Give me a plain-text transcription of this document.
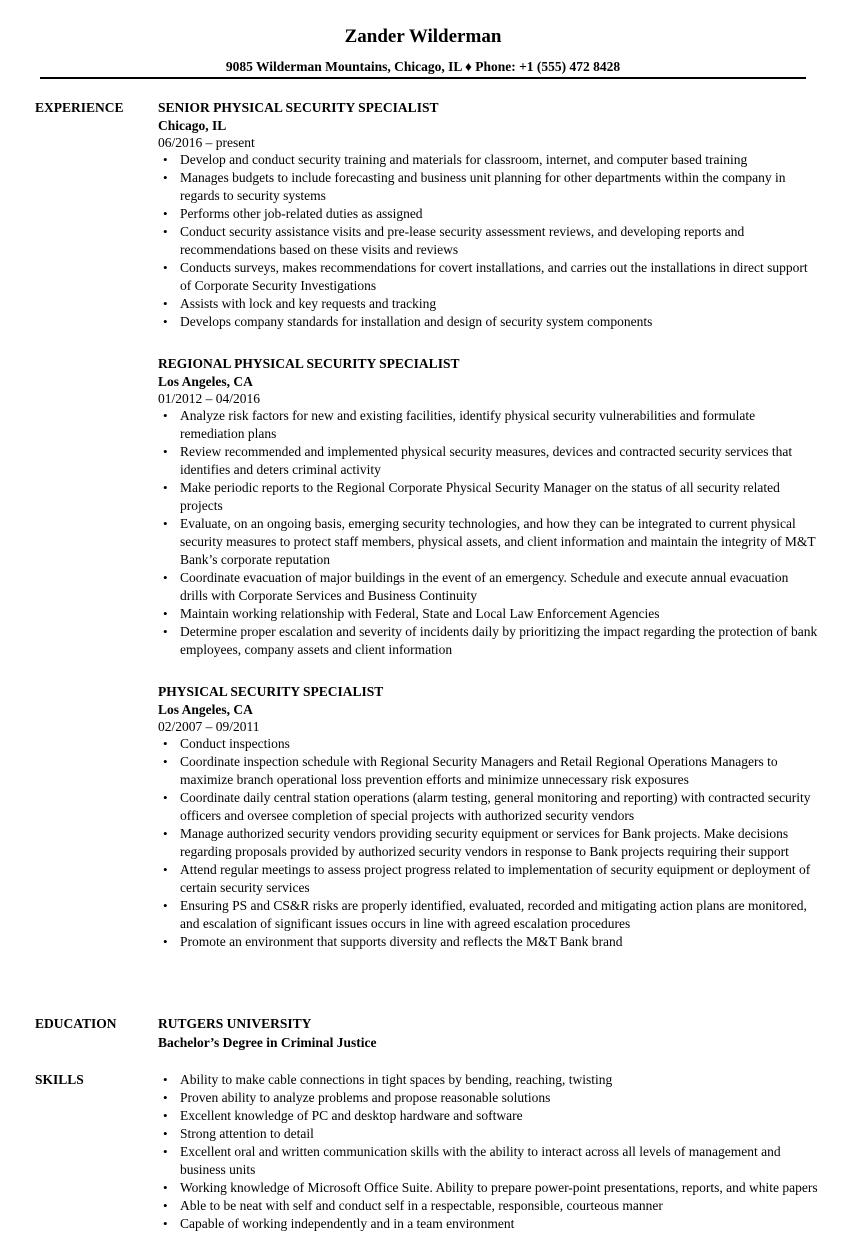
Zander Wilderman
9085 Wilderman Mountains, Chicago, IL ♦ Phone: +1 (555) 472 8428
EXPERIENCE	SENIOR PHYSICAL SECURITY SPECIALIST
Chicago, IL
06/2016 – present
• Develop and conduct security training and materials for classroom, internet, and computer based training
• Manages budgets to include forecasting and business unit planning for other departments within the company in regards to security systems
• Performs other job-related duties as assigned
• Conduct security assistance visits and pre-lease security assessment reviews, and developing reports and recommendations based on these visits and reviews
• Conducts surveys, makes recommendations for covert installations, and carries out the installations in direct support of Corporate Security Investigations
• Assists with lock and key requests and tracking
• Develops company standards for installation and design of security system components
REGIONAL PHYSICAL SECURITY SPECIALIST
Los Angeles, CA
01/2012 – 04/2016
• Analyze risk factors for new and existing facilities, identify physical security vulnerabilities and formulate remediation plans
• Review recommended and implemented physical security measures, devices and contracted security services that identifies and deters criminal activity
• Make periodic reports to the Regional Corporate Physical Security Manager on the status of all security related projects
• Evaluate, on an ongoing basis, emerging security technologies, and how they can be integrated to current physical security measures to protect staff members, physical assets, and client information and maintain the integrity of M&T Bank’s corporate reputation
• Coordinate evacuation of major buildings in the event of an emergency. Schedule and execute annual evacuation drills with Corporate Services and Business Continuity
• Maintain working relationship with Federal, State and Local Law Enforcement Agencies
• Determine proper escalation and severity of incidents daily by prioritizing the impact regarding the protection of bank employees, company assets and client information
PHYSICAL SECURITY SPECIALIST
Los Angeles, CA
02/2007 – 09/2011
• Conduct inspections
• Coordinate inspection schedule with Regional Security Managers and Retail Regional Operations Managers to maximize branch operational loss prevention efforts and minimize unnecessary risk exposures
• Coordinate daily central station operations (alarm testing, general monitoring and reporting) with contracted security officers and oversee completion of special projects with authorized security vendors
• Manage authorized security vendors providing security equipment or services for Bank projects. Make decisions regarding proposals provided by authorized security vendors in response to Bank projects requiring their support
• Attend regular meetings to assess project progress related to implementation of security equipment or deployment of certain security services
• Ensuring PS and CS&R risks are properly identified, evaluated, recorded and mitigating action plans are monitored, and escalation of significant issues occurs in line with agreed escalation procedures
• Promote an environment that supports diversity and reflects the M&T Bank brand
EDUCATION	RUTGERS UNIVERSITY
Bachelor’s Degree in Criminal Justice
SKILLS
•	Ability to make cable connections in tight spaces by bending, reaching, twisting
• Proven ability to analyze problems and propose reasonable solutions
• Excellent knowledge of PC and desktop hardware and software
• Strong attention to detail
• Excellent oral and written communication skills with the ability to interact across all levels of management and business units
• Working knowledge of Microsoft Office Suite. Ability to prepare power-point presentations, reports, and white papers
• Able to be neat with self and conduct self in a respectable, responsible, courteous manner
• Capable of working independently and in a team environment
